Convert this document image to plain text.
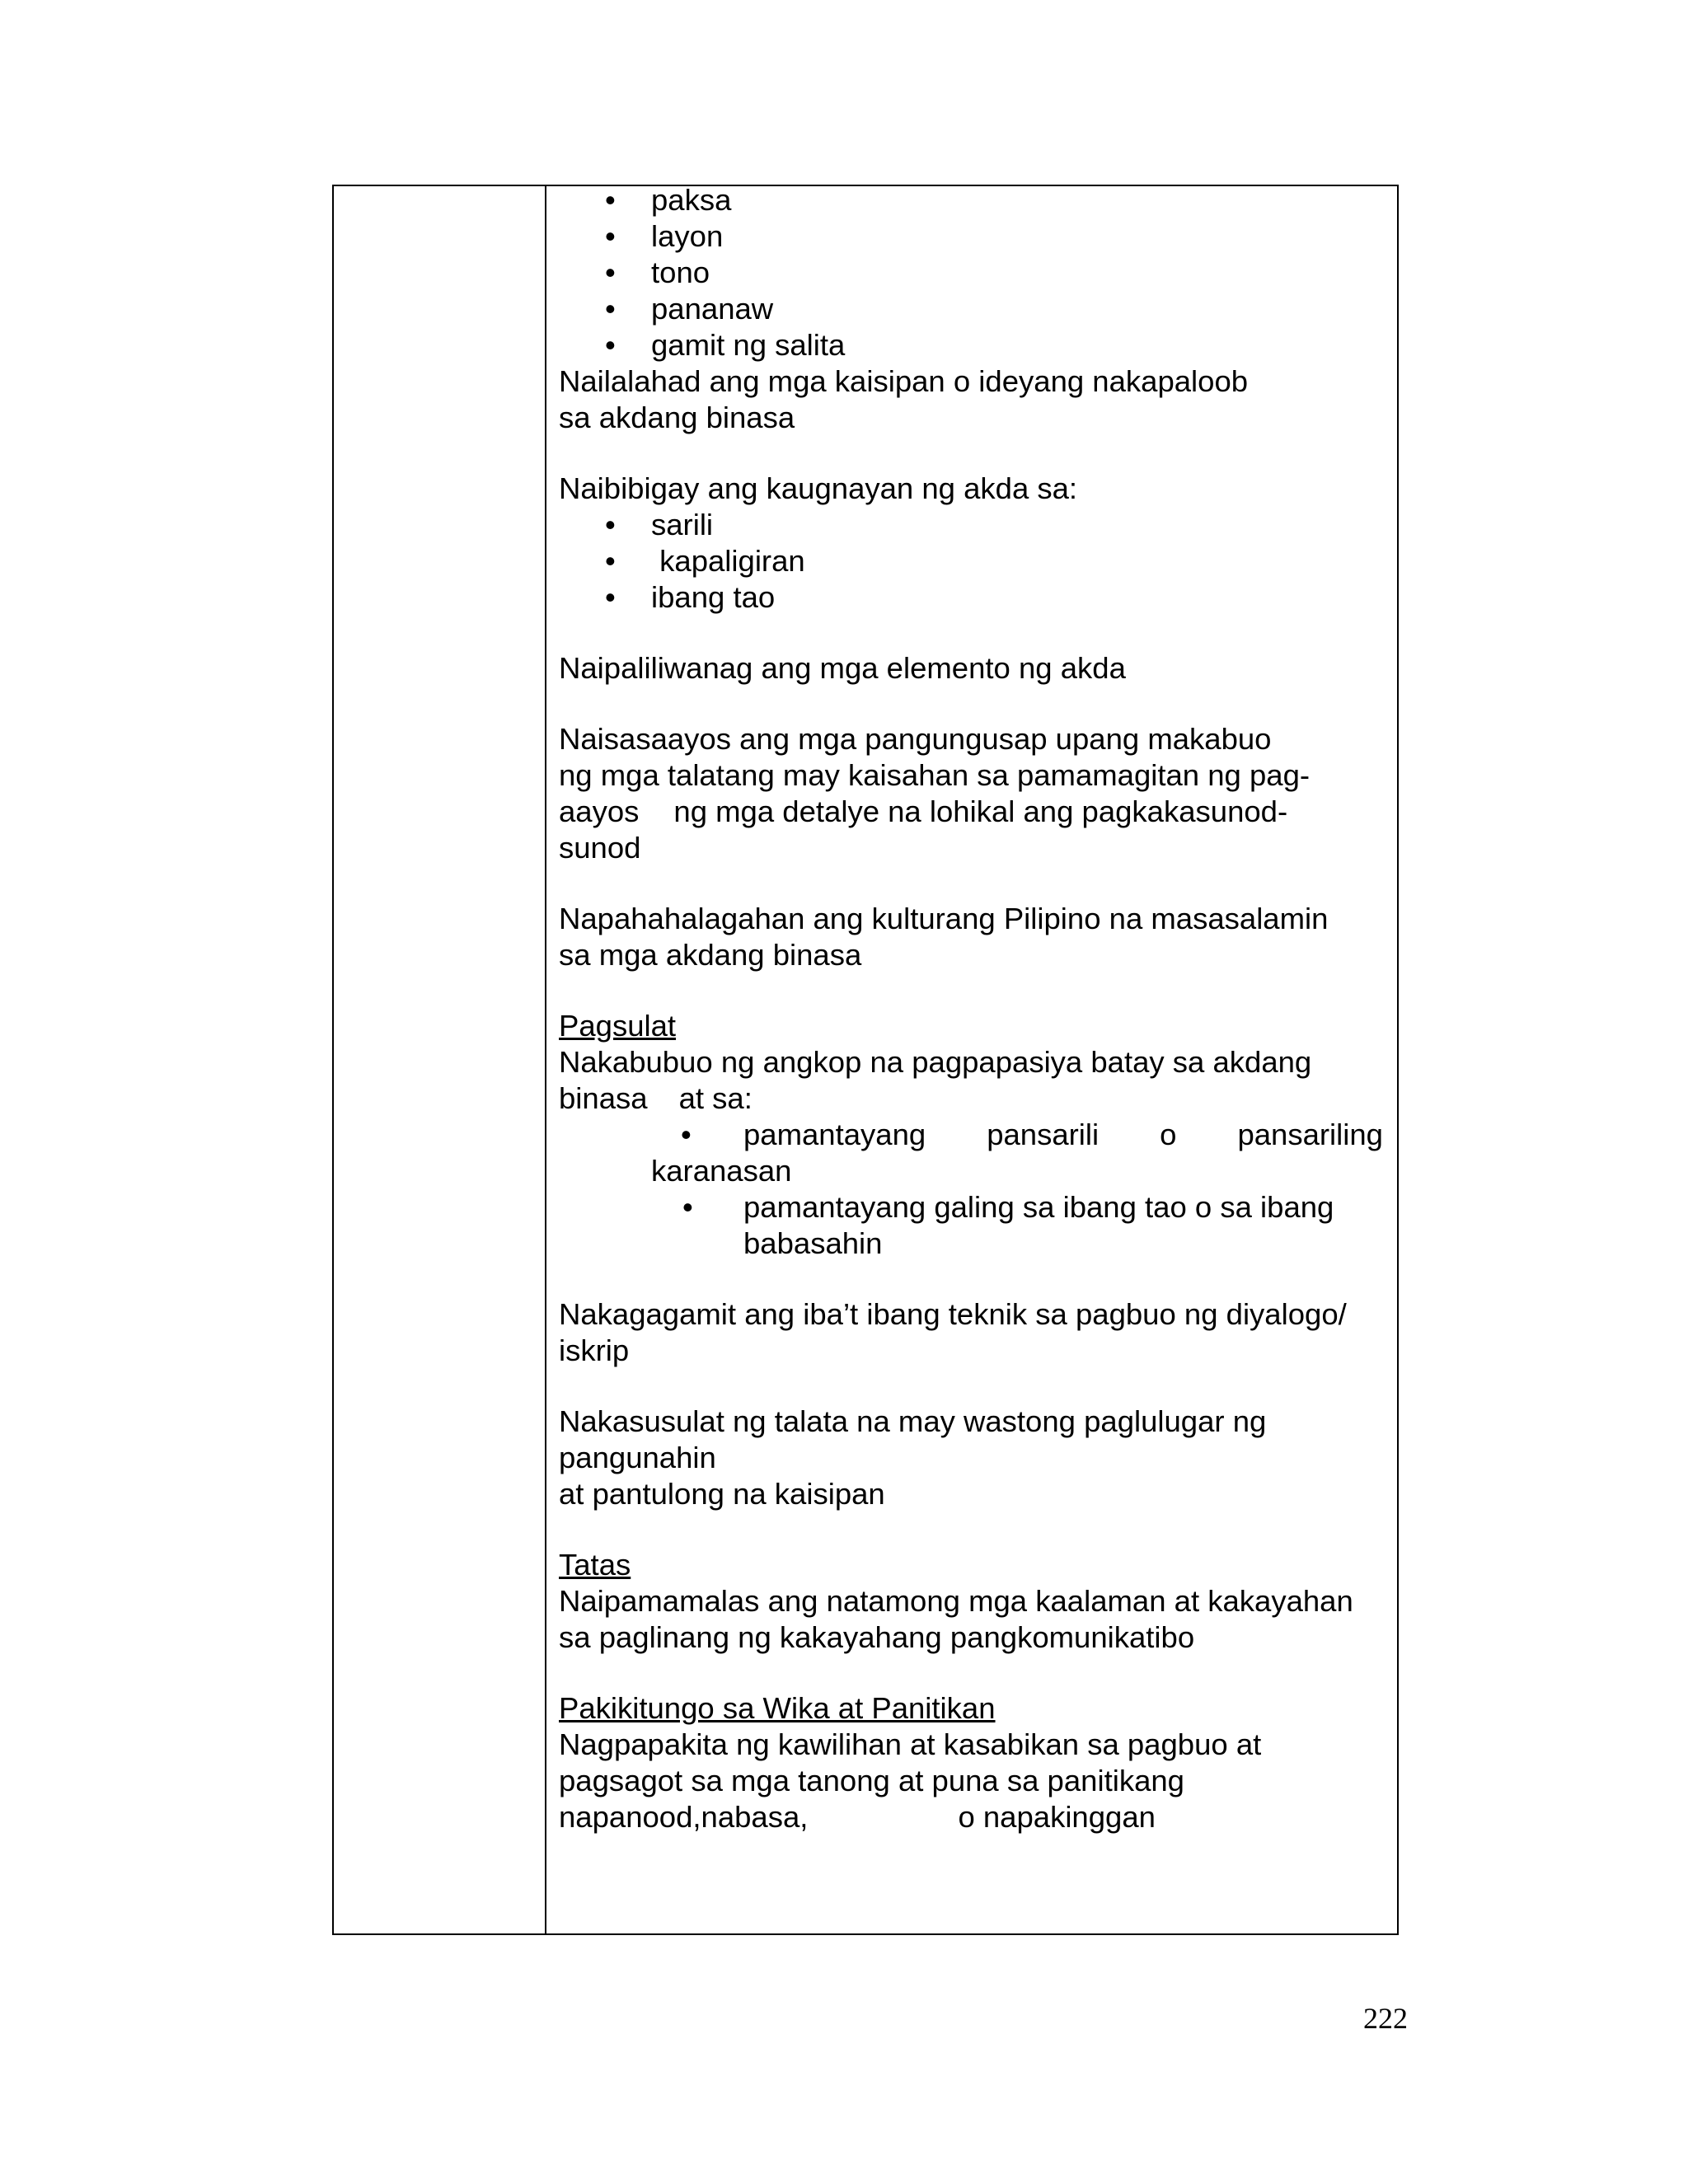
• paksa
• layon
• tono
• pananaw
• gamit ng salita

Nailalahad ang mga kaisipan o ideyang nakapaloob
sa akdang binasa

Naibibigay ang kaugnayan ng akda sa:

• sarili
• kapaligiran
• ibang tao

Naipaliliwanag ang mga elemento ng akda

Naisasaayos ang mga pangungusap upang makabuo
ng mga talatang may kaisahan sa pamamagitan ng pag-
aayos ng mga detalye na lohikal ang pagkakasunod-
sunod

Napahahalagahan ang kulturang Pilipino na masasalamin
sa mga akdang binasa

Pagsulat

Nakabubuo ng angkop na pagpapasiya batay sa akdang
binasa at sa:
• pamantayang pansarili o pansariling
karanasan
• pamantayang galing sa ibang tao o sa ibang
babasahin
Nakagagamit ang iba’t ibang teknik sa pagbuo ng diyalogo/
iskrip
Nakasusulat ng talata na may wastong paglulugar ng
pangunahin
at pantulong na kaisipan

Tatas

Naipamamalas ang natamong mga kaalaman at kakayahan
sa paglinang ng kakayahang pangkomunikatibo

Pakikitungo sa Wika at Panitikan

Nagpapakita ng kawilihan at kasabikan sa pagbuo at
pagsagot sa mga tanong at puna sa panitikang
napanood,nabasa,	o napakinggan
222
